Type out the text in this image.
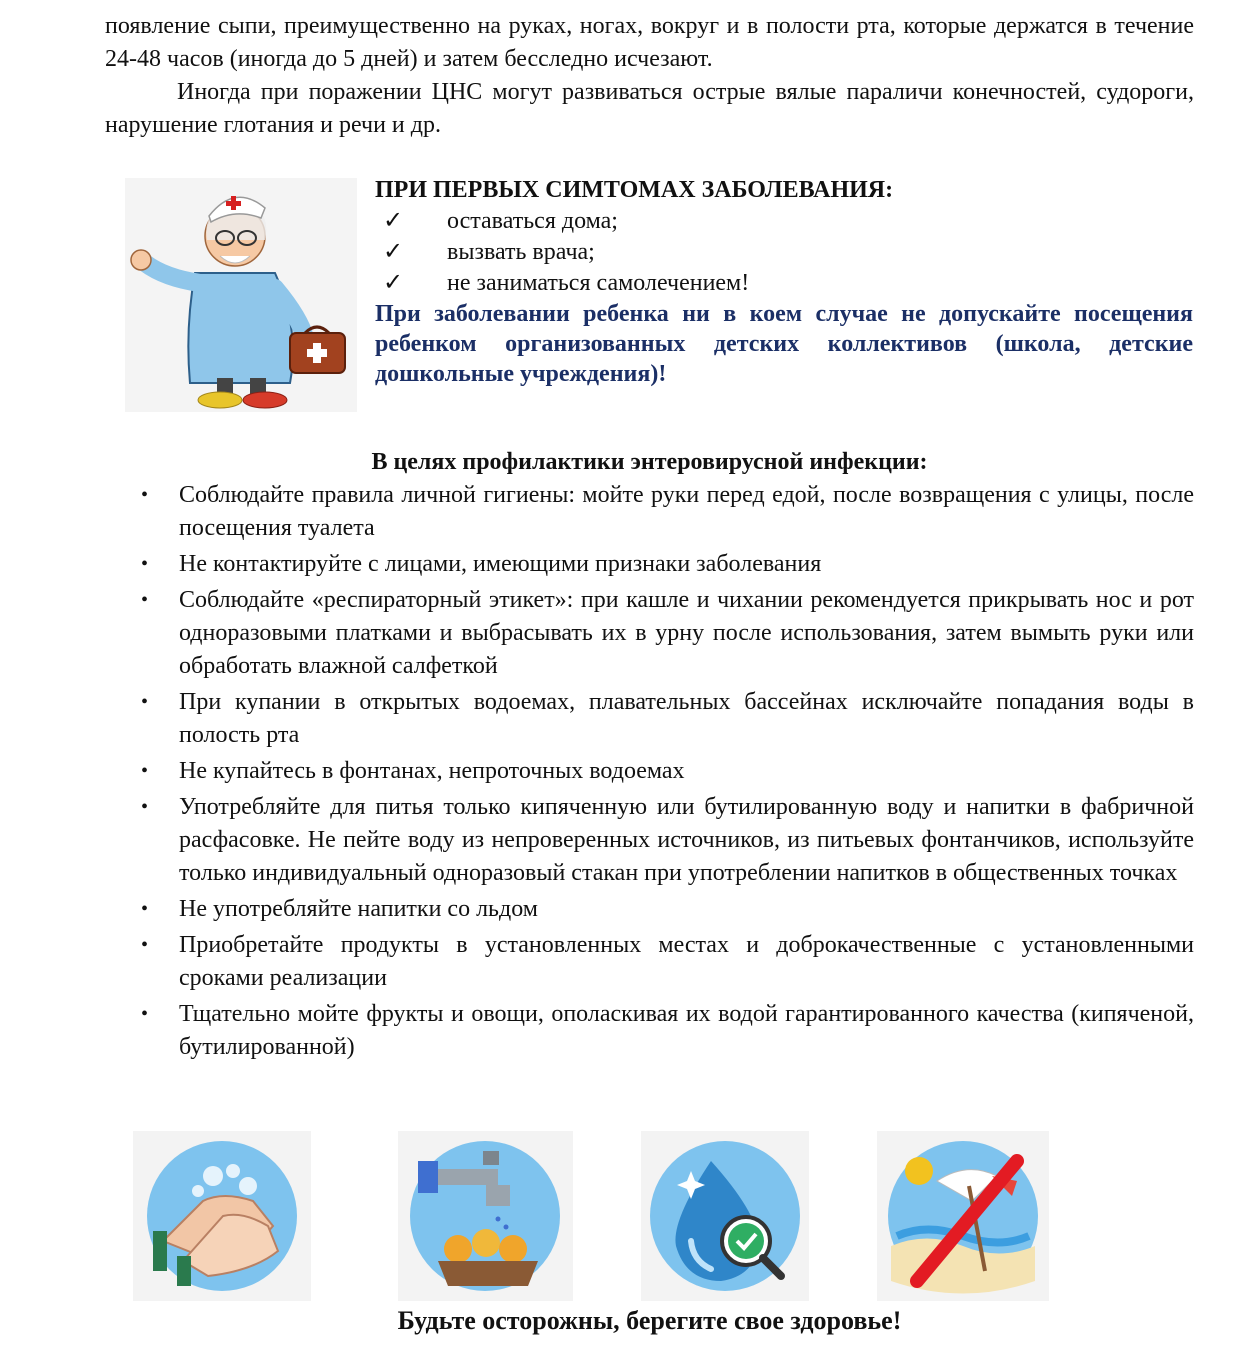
появление сыпи, преимущественно на руках, ногах, вокруг и в полости рта, которые держатся в течение 24-48 часов (иногда до 5 дней) и затем бесследно исчезают.

Иногда при поражении ЦНС могут развиваться острые вялые параличи конечностей, судороги, нарушение глотания и речи и др.

ПРИ ПЕРВЫХ СИМТОМАХ ЗАБОЛЕВАНИЯ:

✓ оставаться дома;
✓ вызвать врача;
✓ не заниматься самолечением!

При заболевании ребенка ни в коем случае не допускайте посещения ребенком организованных детских коллективов (школа, детские дошкольные учреждения)!

В целях профилактики энтеровирусной инфекции:
• Соблюдайте правила личной гигиены: мойте руки перед едой, после возвращения с улицы, после посещения туалета
• Не контактируйте с лицами, имеющими признаки заболевания
• Соблюдайте «респираторный этикет»: при кашле и чихании рекомендуется прикрывать нос и рот одноразовыми платками и выбрасывать их в урну после использования, затем вымыть руки или обработать влажной салфеткой
• При купании в открытых водоемах, плавательных бассейнах исключайте попадания воды в полость рта
• Не купайтесь в фонтанах, непроточных водоемах
• Употребляйте для питья только кипяченную или бутилированную воду и напитки в фабричной расфасовке. Не пейте воду из непроверенных источников, из питьевых фонтанчиков, используйте только индивидуальный одноразовый стакан при употреблении напитков в общественных точках
• Не употребляйте напитки со льдом
• Приобретайте продукты в установленных местах и доброкачественные с установленными сроками реализации
• Тщательно мойте фрукты и овощи, ополаскивая их водой гарантированного качества (кипяченой, бутилированной)
Будьте осторожны, берегите свое здоровье!
